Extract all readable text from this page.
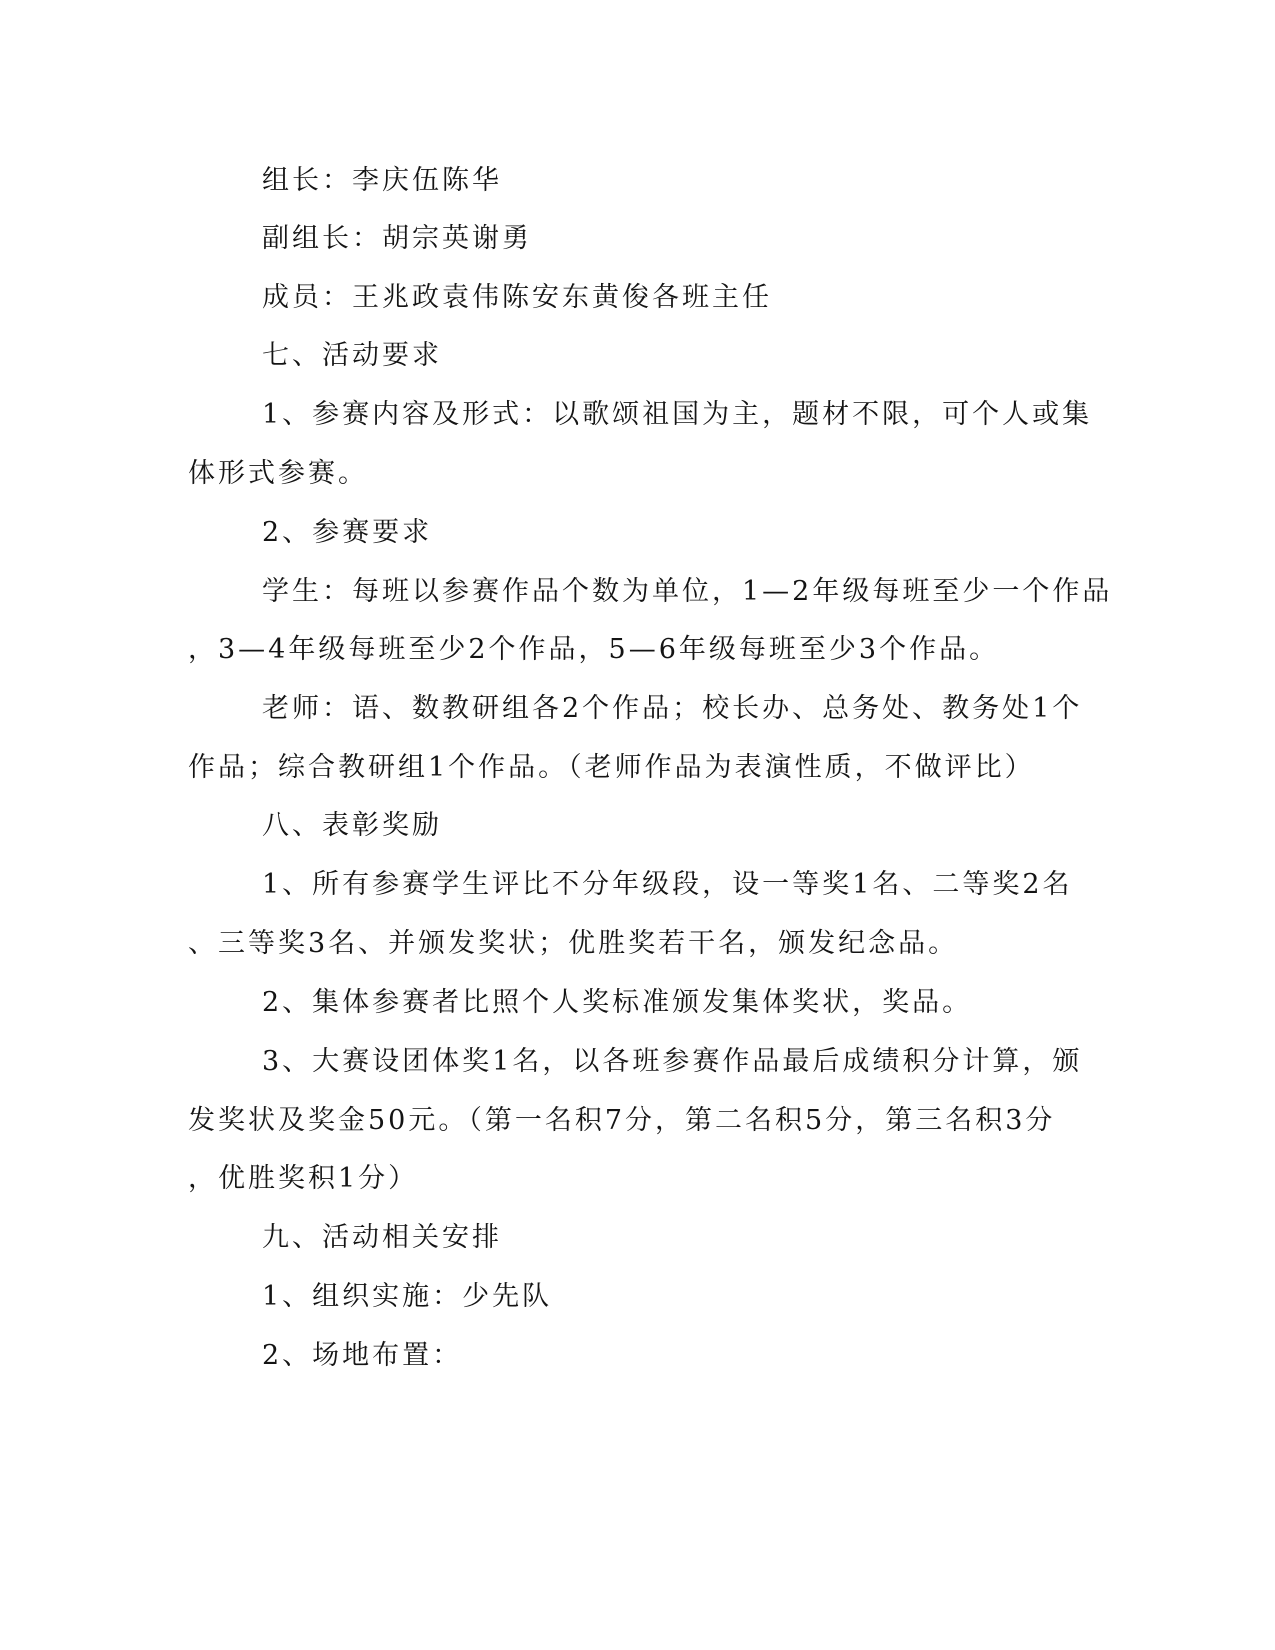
组长：李庆伍陈华

副组长：胡宗英谢勇

成员：王兆政袁伟陈安东黄俊各班主任

七、活动要求

1、参赛内容及形式：以歌颂祖国为主，题材不限，可个人或集

体形式参赛。

2、参赛要求

学生：每班以参赛作品个数为单位，1—2年级每班至少一个作品

，3—4年级每班至少2个作品，5—6年级每班至少3个作品。

老师：语、数教研组各2个作品；校长办、总务处、教务处1个

作品；综合教研组1个作品。（老师作品为表演性质，不做评比）

八、表彰奖励

1、所有参赛学生评比不分年级段，设一等奖1名、二等奖2名

、三等奖3名、并颁发奖状；优胜奖若干名，颁发纪念品。

2、集体参赛者比照个人奖标准颁发集体奖状，奖品。

3、大赛设团体奖1名，以各班参赛作品最后成绩积分计算，颁

发奖状及奖金50元。（第一名积7分，第二名积5分，第三名积3分

，优胜奖积1分）

九、活动相关安排

1、组织实施：少先队

2、场地布置：
